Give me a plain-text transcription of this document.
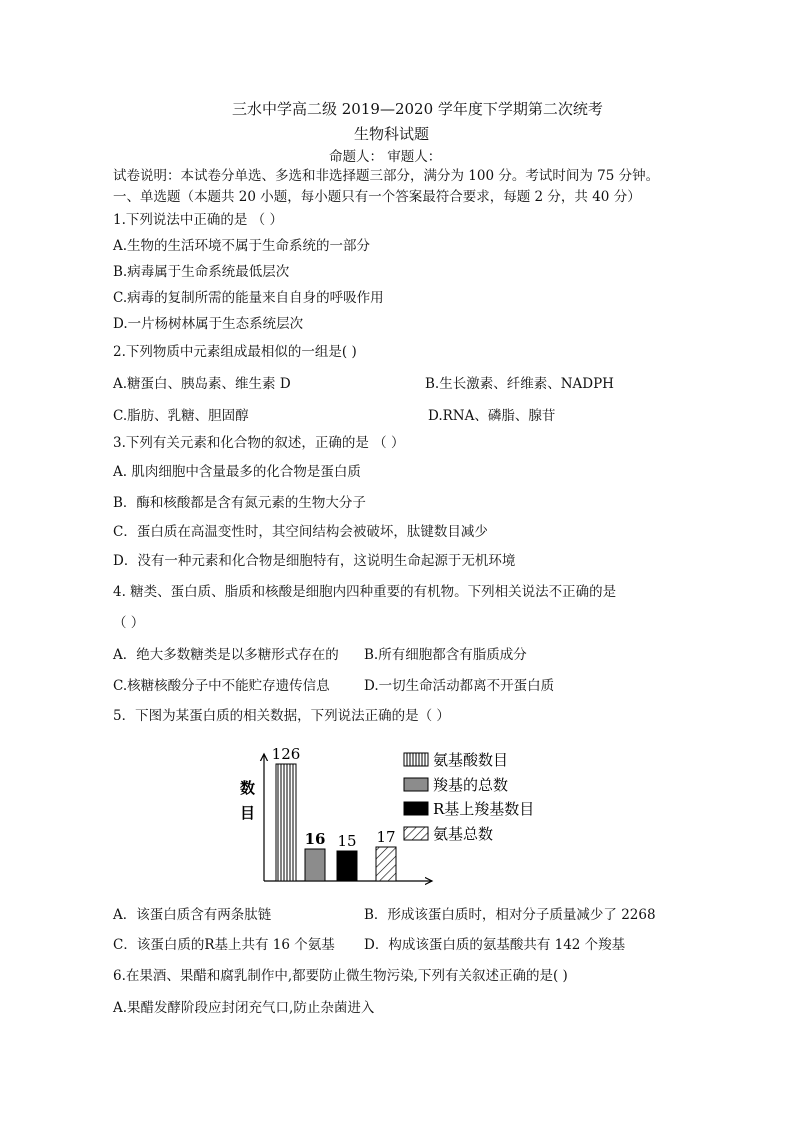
三水中学高二级 2019—2020 学年度下学期第二次统考
生物科试题
命题人： 审题人：
试卷说明：本试卷分单选、多选和非选择题三部分，满分为 100 分。考试时间为 75 分钟。
一、单选题（本题共 20 小题，每小题只有一个答案最符合要求，每题 2 分，共 40 分）
1.下列说法中正确的是 （ ）
A.生物的生活环境不属于生命系统的一部分
B.病毒属于生命系统最低层次
C.病毒的复制所需的能量来自自身的呼吸作用
D.一片杨树林属于生态系统层次
2.下列物质中元素组成最相似的一组是( )
A.糖蛋白、胰岛素、维生素 D	B.生长激素、纤维素、NADPH
C.脂肪、乳糖、胆固醇	D.RNA、磷脂、腺苷
3.下列有关元素和化合物的叙述，正确的是 （ ）
A. 肌肉细胞中含量最多的化合物是蛋白质
B．酶和核酸都是含有氮元素的生物大分子
C．蛋白质在高温变性时，其空间结构会被破坏，肽键数目减少
D．没有一种元素和化合物是细胞特有，这说明生命起源于无机环境
4. 糖类、蛋白质、脂质和核酸是细胞内四种重要的有机物。下列相关说法不正确的是
（ ）
A．绝大多数糖类是以多糖形式存在的 B.所有细胞都含有脂质成分
C.核糖核酸分子中不能贮存遗传信息	D.一切生命活动都离不开蛋白质
5．下图为某蛋白质的相关数据，下列说法正确的是（ ）
数
目
126
16 15 17
氨基酸数目
羧基的总数
R基上羧基数目
氨基总数
A．该蛋白质含有两条肽链	B．形成该蛋白质时，相对分子质量减少了 2268
C．该蛋白质的R基上共有 16 个氨基 D．构成该蛋白质的氨基酸共有 142 个羧基
6.在果酒、果醋和腐乳制作中,都要防止微生物污染,下列有关叙述正确的是( )
A.果醋发酵阶段应封闭充气口,防止杂菌进入
